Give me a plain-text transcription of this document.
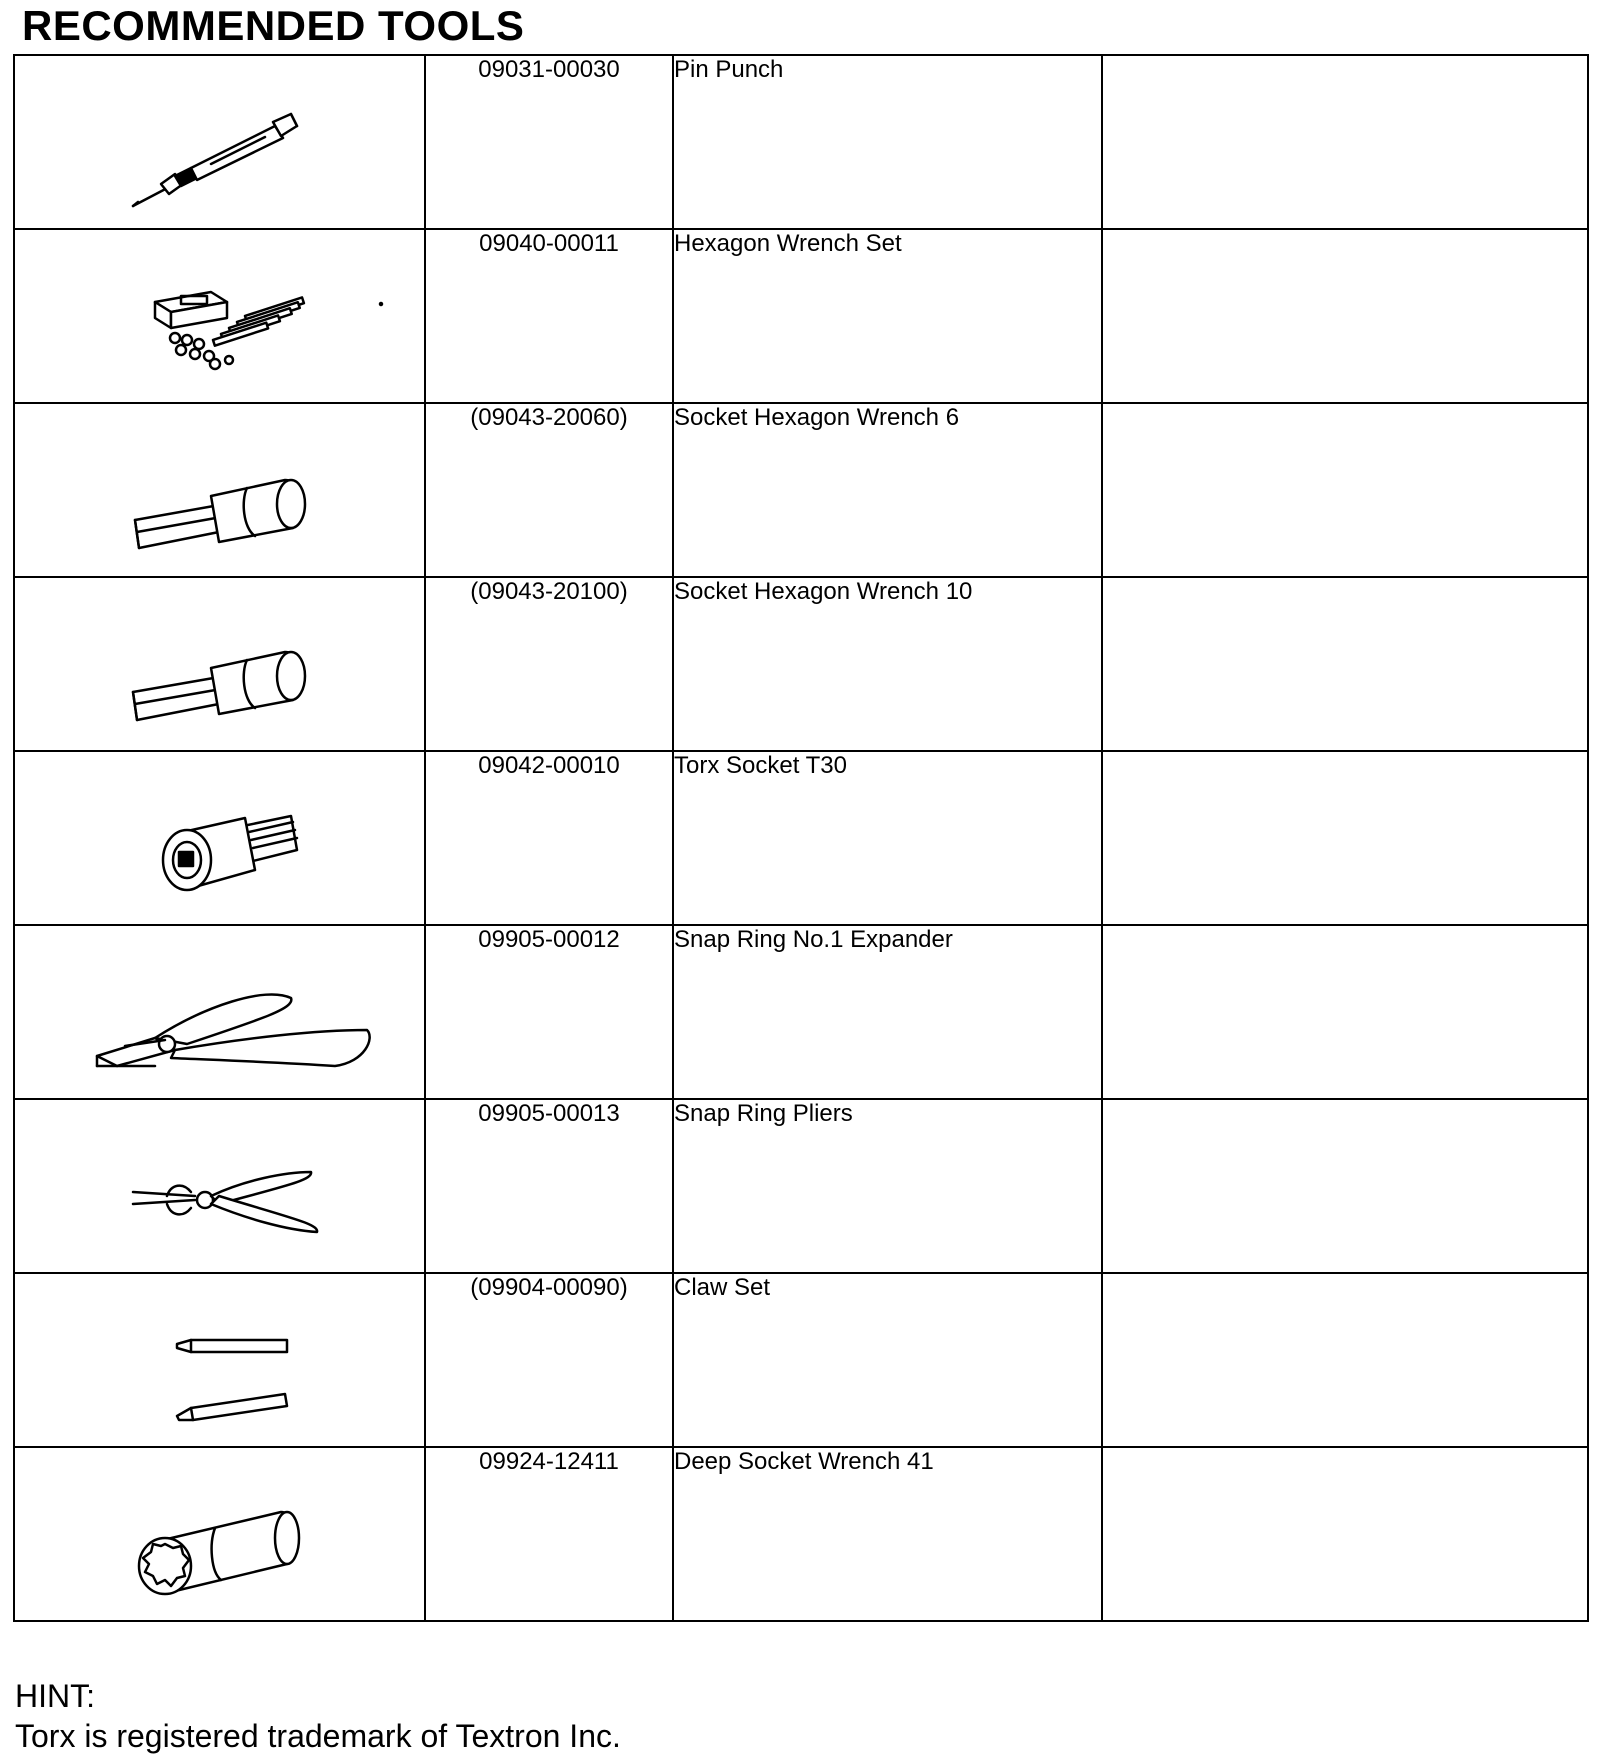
RECOMMENDED TOOLS

09031-00030	Pin Punch	

09040-00011	Hexagon Wrench Set	

(09043-20060)	Socket Hexagon Wrench 6	

(09043-20100)	Socket Hexagon Wrench 10	

09042-00010	Torx Socket T30	

09905-00012	Snap Ring No.1 Expander	

09905-00013	Snap Ring Pliers	

(09904-00090)	Claw Set	

09924-12411	Deep Socket Wrench 41	

HINT:
Torx is registered trademark of Textron Inc.
